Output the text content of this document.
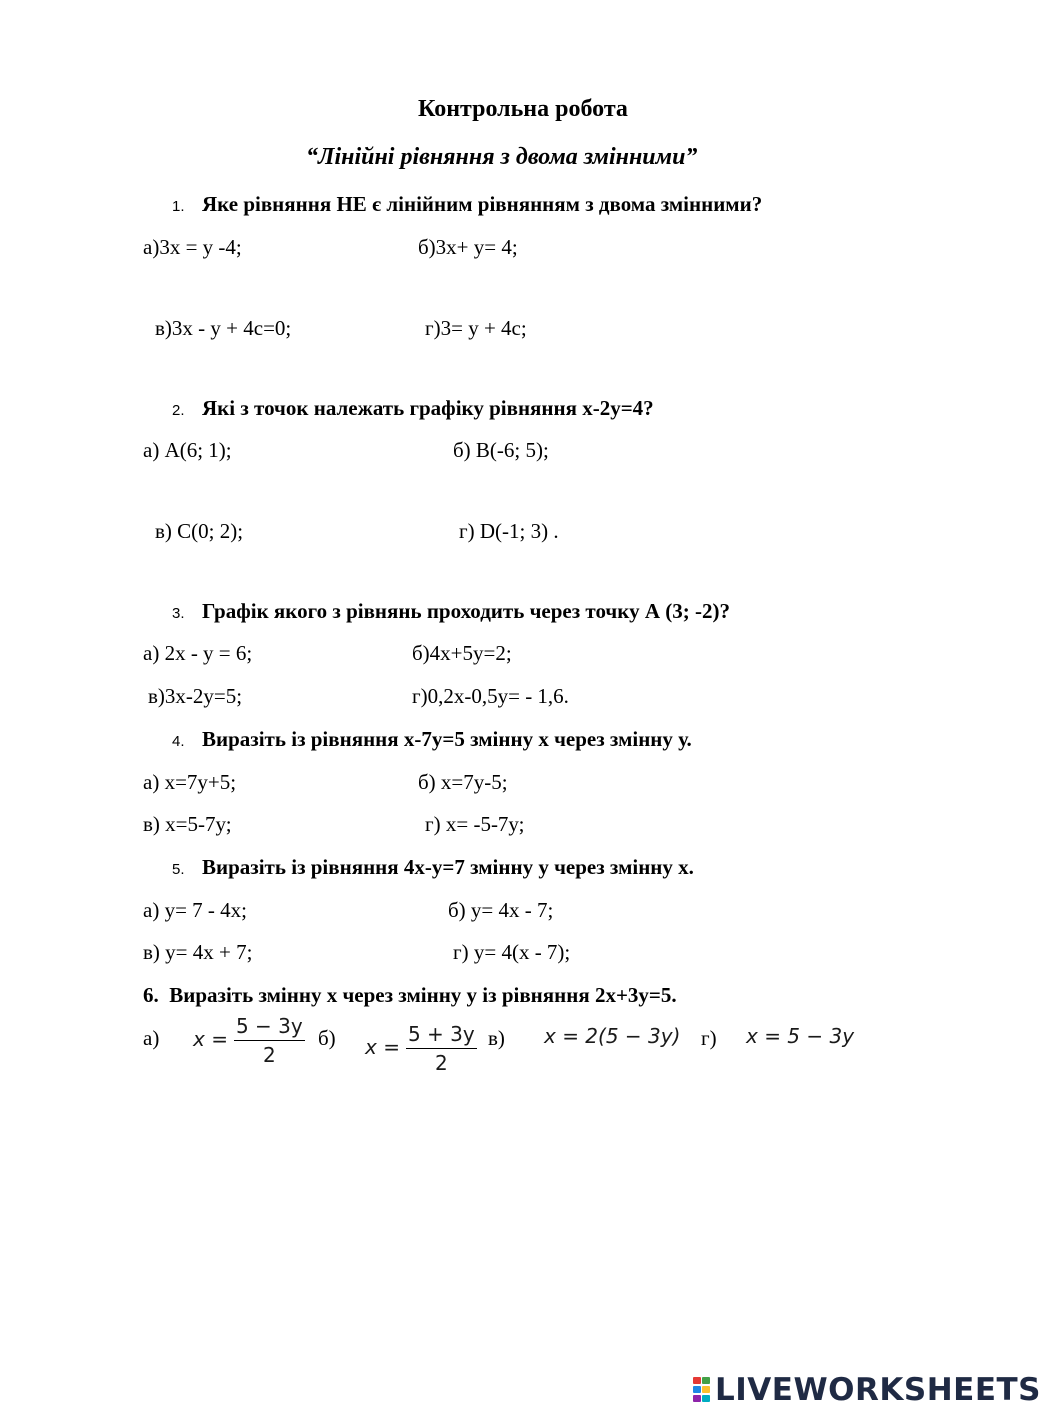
Контрольна робота
“Лінійні рівняння з двома змінними”
1. Яке рівняння НЕ є лінійним рівнянням з двома змінними?
а)3х = у -4;	б)3х+ у= 4;
в)3х - у + 4с=0;	г)3= у + 4с;
2. Які з точок належать графіку рівняння х-2у=4?
а) А(6; 1);	б) В(-6; 5);
в) С(0; 2);	г) D(-1; 3) .
3. Графік якого з рівнянь проходить через точку А (3; -2)?
а) 2х - у = 6;	б)4х+5у=2;
в)3х-2у=5;	г)0,2х-0,5у= - 1,6.
4. Виразіть із рівняння х-7у=5 змінну х через змінну у.
а) х=7у+5;	б) х=7у-5;
в) х=5-7у;	г) х= -5-7у;
5. Виразіть із рівняння 4х-у=7 змінну у через змінну х.
а) у= 7 - 4х;	б) у= 4х - 7;
в) у= 4х + 7;	г) у= 4(х - 7);
6. Виразіть змінну х через змінну у із рівняння 2х+3у=5.
а) $x = \frac{5 - 3y}{2} б$) $x = \frac{5 + 3y}{2} в$) x = 2(5 − 3y) г) x = 5 − 3y
LIVEWORKSHEETS
